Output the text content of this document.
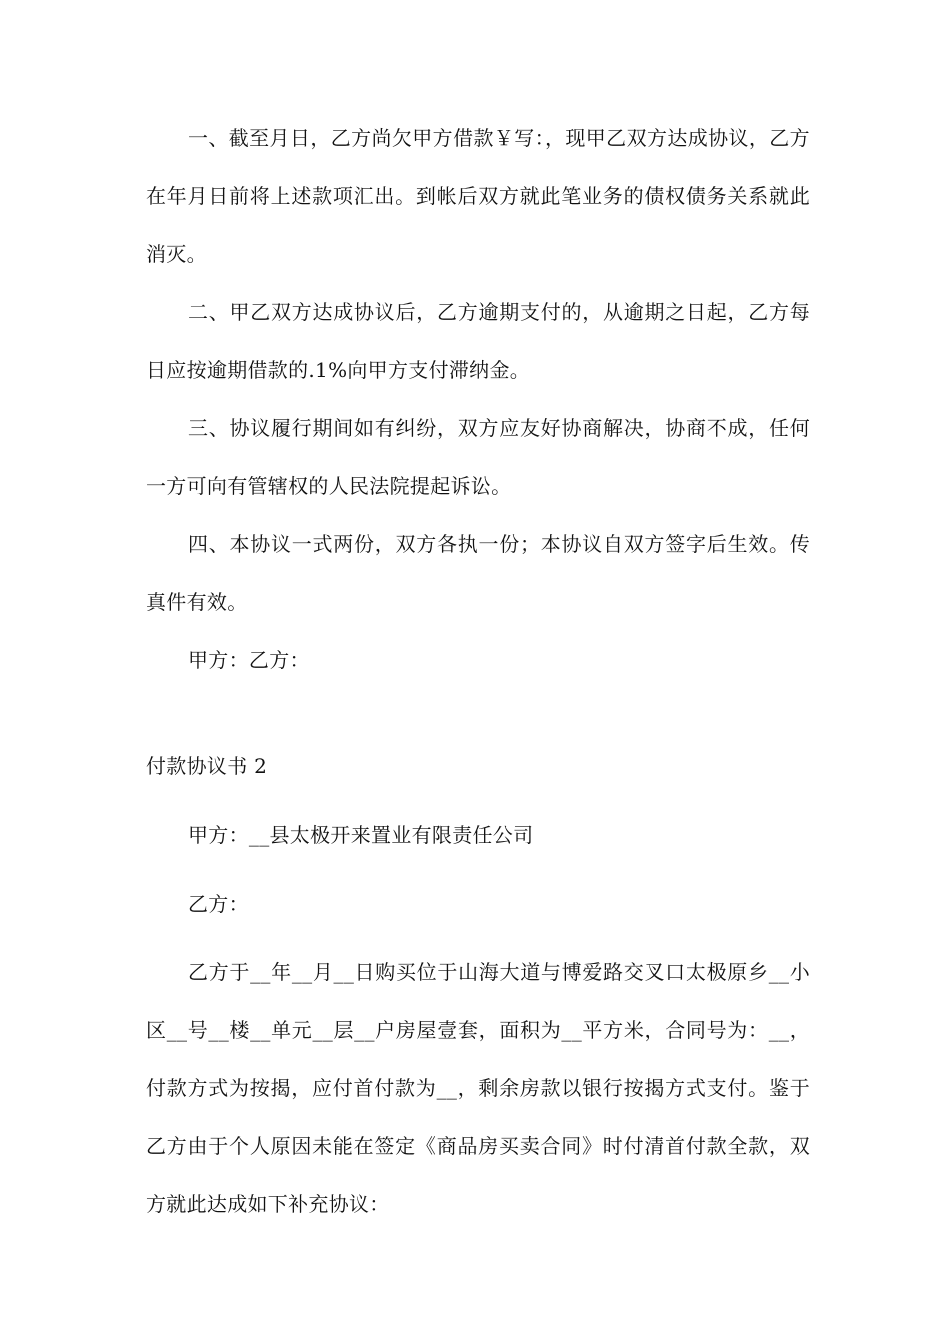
一、截至月日，乙方尚欠甲方借款￥写：，现甲乙双方达成协议，乙方在年月日前将上述款项汇出。到帐后双方就此笔业务的债权债务关系就此消灭。

二、甲乙双方达成协议后，乙方逾期支付的，从逾期之日起，乙方每日应按逾期借款的.1%向甲方支付滞纳金。

三、协议履行期间如有纠纷，双方应友好协商解决，协商不成，任何一方可向有管辖权的人民法院提起诉讼。

四、本协议一式两份，双方各执一份；本协议自双方签字后生效。传真件有效。

甲方：乙方：

付款协议书 2

甲方：__县太极开来置业有限责任公司

乙方：

乙方于__年__月__日购买位于山海大道与博爱路交叉口太极原乡__小区__号__楼__单元__层__户房屋壹套，面积为__平方米，合同号为：__，付款方式为按揭，应付首付款为__，剩余房款以银行按揭方式支付。鉴于乙方由于个人原因未能在签定《商品房买卖合同》时付清首付款全款，双方就此达成如下补充协议：
